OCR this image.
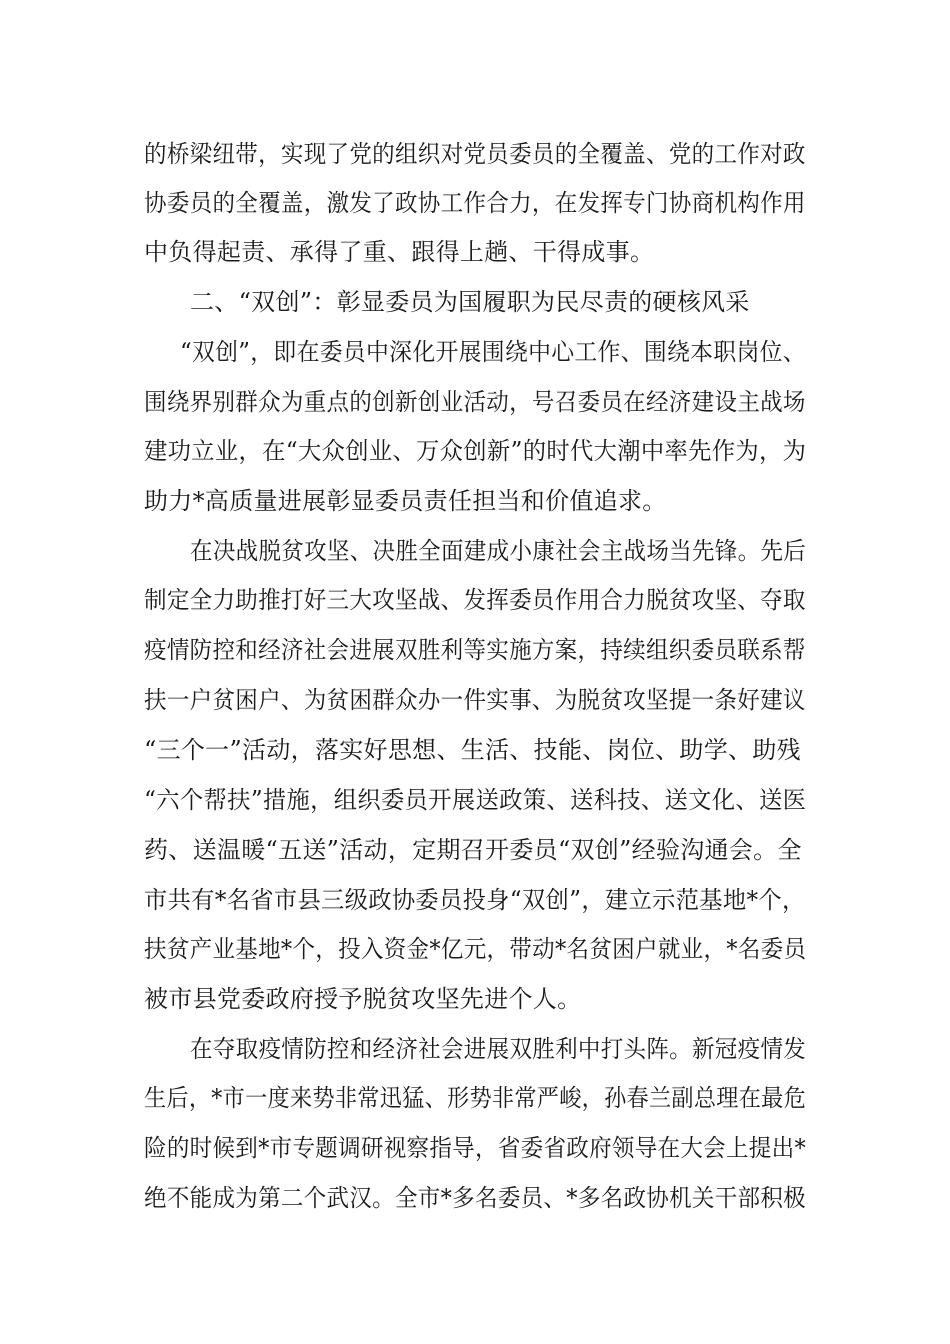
的桥梁纽带，实现了党的组织对党员委员的全覆盖、党的工作对政
协委员的全覆盖，激发了政协工作合力，在发挥专门协商机构作用
中负得起责、承得了重、跟得上趟、干得成事。
二、“双创”：彰显委员为国履职为民尽责的硬核风采
“双创”，即在委员中深化开展围绕中心工作、围绕本职岗位、
围绕界别群众为重点的创新创业活动，号召委员在经济建设主战场
建功立业，在“大众创业、万众创新”的时代大潮中率先作为，为
助力*高质量进展彰显委员责任担当和价值追求。
在决战脱贫攻坚、决胜全面建成小康社会主战场当先锋。先后
制定全力助推打好三大攻坚战、发挥委员作用合力脱贫攻坚、夺取
疫情防控和经济社会进展双胜利等实施方案，持续组织委员联系帮
扶一户贫困户、为贫困群众办一件实事、为脱贫攻坚提一条好建议
“三个一”活动，落实好思想、生活、技能、岗位、助学、助残
“六个帮扶”措施，组织委员开展送政策、送科技、送文化、送医
药、送温暖“五送”活动，定期召开委员“双创”经验沟通会。全
市共有*名省市县三级政协委员投身“双创”，建立示范基地*个，
扶贫产业基地*个，投入资金*亿元，带动*名贫困户就业，*名委员
被市县党委政府授予脱贫攻坚先进个人。
在夺取疫情防控和经济社会进展双胜利中打头阵。新冠疫情发
生后，*市一度来势非常迅猛、形势非常严峻，孙春兰副总理在最危
险的时候到*市专题调研视察指导，省委省政府领导在大会上提出*
绝不能成为第二个武汉。全市*多名委员、*多名政协机关干部积极
